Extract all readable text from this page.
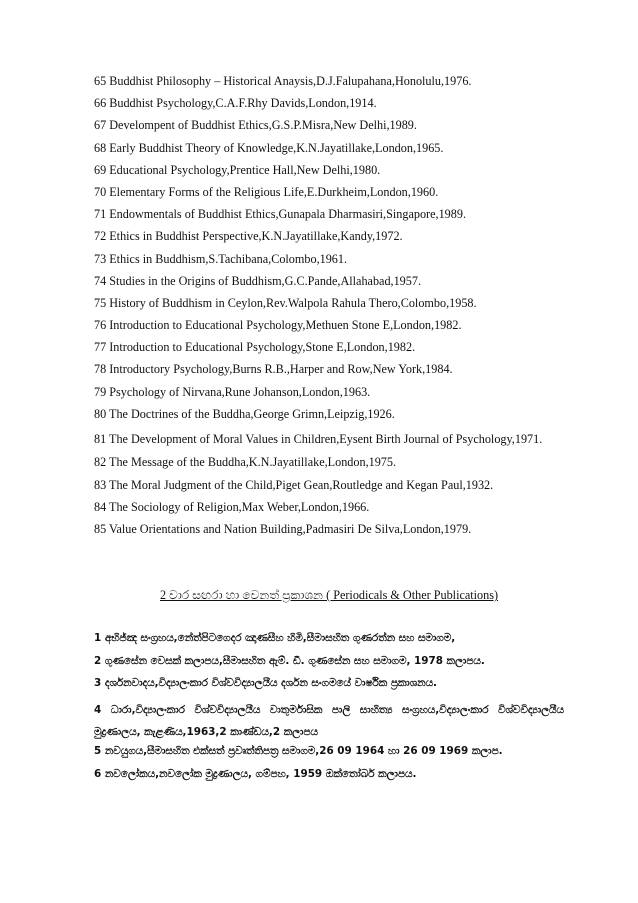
65 Buddhist Philosophy – Historical Anaysis,D.J.Falupahana,Honolulu,1976.
66 Buddhist Psychology,C.A.F.Rhy Davids,London,1914.
67 Develompent of Buddhist Ethics,G.S.P.Misra,New Delhi,1989.
68 Early Buddhist Theory of Knowledge,K.N.Jayatillake,London,1965.
69 Educational Psychology,Prentice Hall,New Delhi,1980.
70 Elementary Forms of the Religious Life,E.Durkheim,London,1960.
71 Endowmentals of Buddhist Ethics,Gunapala Dharmasiri,Singapore,1989.
72 Ethics in Buddhist Perspective,K.N.Jayatillake,Kandy,1972.
73 Ethics in Buddhism,S.Tachibana,Colombo,1961.
74 Studies in the Origins of Buddhism,G.C.Pande,Allahabad,1957.
75 History of Buddhism in Ceylon,Rev.Walpola Rahula Thero,Colombo,1958.
76 Introduction to Educational Psychology,Methuen Stone E,London,1982.
77 Introduction to Educational Psychology,Stone E,London,1982.
78 Introductory Psychology,Burns R.B.,Harper and Row,New York,1984.
79 Psychology of Nirvana,Rune Johanson,London,1963.
80 The Doctrines of the Buddha,George Grimn,Leipzig,1926.
81 The Development of Moral Values in Children,Eysent Birth Journal of Psychology,1971.
82 The Message of the Buddha,K.N.Jayatillake,London,1975.
83 The Moral Judgment of the Child,Piget Gean,Routledge and Kegan Paul,1932.
84 The Sociology of Religion,Max Weber,London,1966.
85 Value Orientations and Nation Building,Padmasiri De Silva,London,1979.
2 වාර සඟරා හා වෙනත් ප්‍රකාශන ( Periodicals & Other Publications)
1 අභිජ්ඤ සංග්‍රහය,නේත්පිටගෙදර ඤාණසීහ හිමි,සීමාසහිත ගුණරත්න සහ සමාගම,
2 ගුණසේන වෙසක් කලාපය,සීමාසහිත ඇම්. ඩී. ගුණසේන සහ සමාගම, 1978 කලාපය.
3 දර්ශනවාදය,විද්‍යාලංකාර විශ්වවිද්‍යාලයීය දර්ශන සංගමයේ වාර්ෂික ප්‍රකාශනය.
4 ධාරා,විද්‍යාලංකාර විශ්වවිද්‍යාලයීය වාතුර්මාසික පාලි සාහිත්‍ය සංග්‍රහය,විද්‍යාලංකාර විශ්වවිද්‍යාලයීය මුද්‍රණාලය, කැළණිය,1963,2 කාණ්ඩය,2 කලාපය
5 නවයුගය,සීමාසහිත එක්සත් ප්‍රවෘත්තිපත්‍ර සමාගම,26 09 1964 හා 26 09 1969 කලාප.
6 නවලෝකය,නවලෝක මුද්‍රණාලය, ගම්පහ, 1959 ඔක්තෝබර් කලාපය.
